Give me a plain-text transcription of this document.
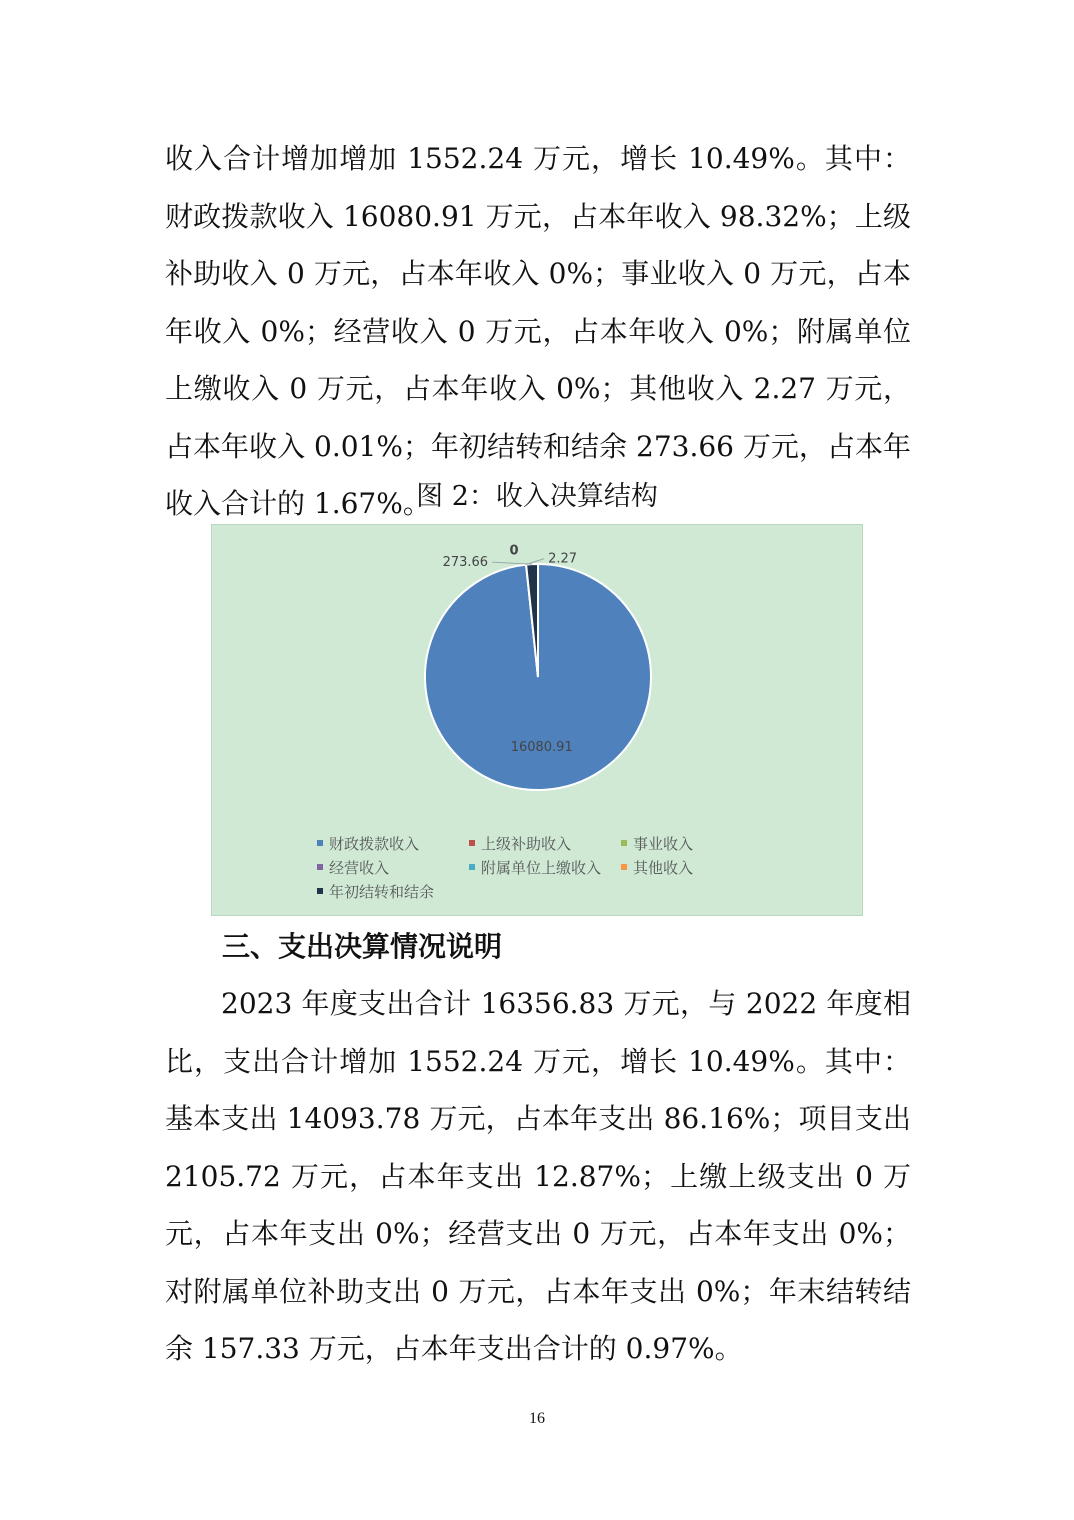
收入合计增加增加 1552.24 万元，增长 10.49%。其中：财政拨款收入 16080.91 万元，占本年收入 98.32%；上级补助收入 0 万元，占本年收入 0%；事业收入 0 万元，占本年收入 0%；经营收入 0 万元，占本年收入 0%；附属单位上缴收入 0 万元，占本年收入 0%；其他收入 2.27 万元，占本年收入 0.01%；年初结转和结余 273.66 万元，占本年收入合计的 1.67%。

图 2：收入决算结构
16080.91
0
2.27
273.66
财政拨款收入	上级补助收入	事业收入
经营收入	附属单位上缴收入 其他收入
年初结转和结余
三、支出决算情况说明

2023 年度支出合计 16356.83 万元，与 2022 年度相比，支出合计增加 1552.24 万元，增长 10.49%。其中：基本支出 14093.78 万元，占本年支出 86.16%；项目支出 2105.72 万元，占本年支出 12.87%；上缴上级支出 0 万元，占本年支出 0%；经营支出 0 万元，占本年支出 0%；对附属单位补助支出 0 万元，占本年支出 0%；年末结转结余 157.33 万元，占本年支出合计的 0.97%。

16
